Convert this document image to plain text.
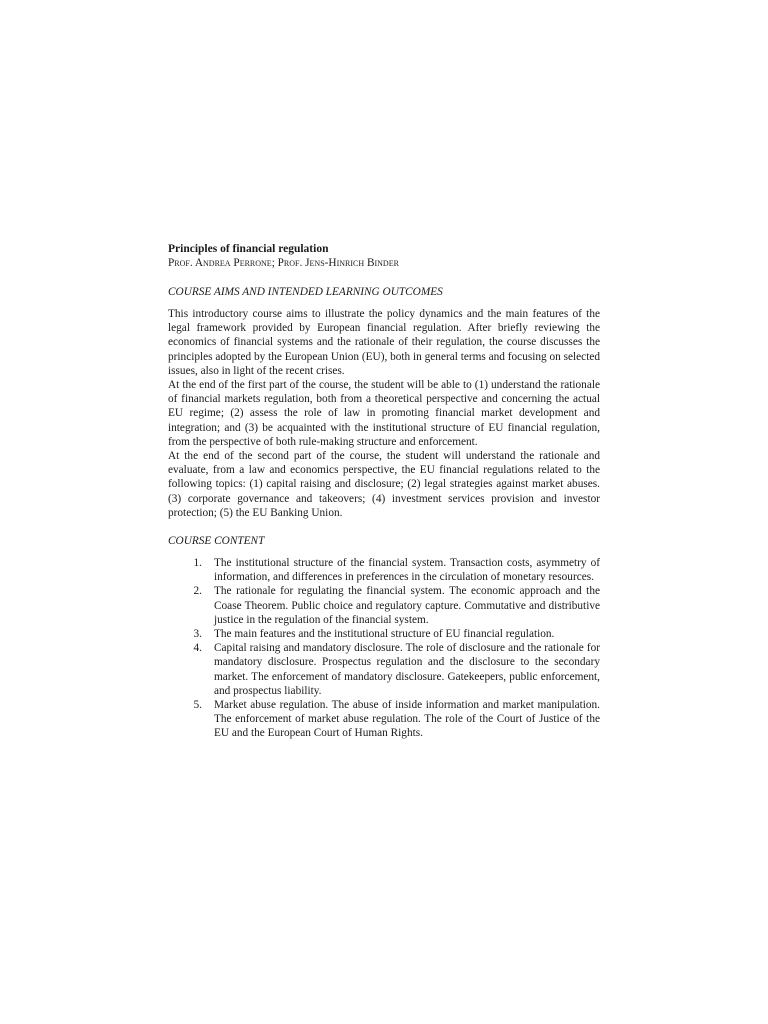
Principles of financial regulation

Prof. Andrea Perrone; Prof. Jens-Hinrich Binder

COURSE AIMS AND INTENDED LEARNING OUTCOMES

This introductory course aims to illustrate the policy dynamics and the main features of the legal framework provided by European financial regulation. After briefly reviewing the economics of financial systems and the rationale of their regulation, the course discusses the principles adopted by the European Union (EU), both in general terms and focusing on selected issues, also in light of the recent crises.

At the end of the first part of the course, the student will be able to (1) understand the rationale of financial markets regulation, both from a theoretical perspective and concerning the actual EU regime; (2) assess the role of law in promoting financial market development and integration; and (3) be acquainted with the institutional structure of EU financial regulation, from the perspective of both rule-making structure and enforcement.

At the end of the second part of the course, the student will understand the rationale and evaluate, from a law and economics perspective, the EU financial regulations related to the following topics: (1) capital raising and disclosure; (2) legal strategies against market abuses. (3) corporate governance and takeovers; (4) investment services provision and investor protection; (5) the EU Banking Union.

COURSE CONTENT

1. The institutional structure of the financial system. Transaction costs, asymmetry of information, and differences in preferences in the circulation of monetary resources.
2. The rationale for regulating the financial system. The economic approach and the Coase Theorem. Public choice and regulatory capture. Commutative and distributive justice in the regulation of the financial system.
3. The main features and the institutional structure of EU financial regulation.
4. Capital raising and mandatory disclosure. The role of disclosure and the rationale for mandatory disclosure. Prospectus regulation and the disclosure to the secondary market. The enforcement of mandatory disclosure. Gatekeepers, public enforcement, and prospectus liability.
5. Market abuse regulation. The abuse of inside information and market manipulation. The enforcement of market abuse regulation. The role of the Court of Justice of the EU and the European Court of Human Rights.
